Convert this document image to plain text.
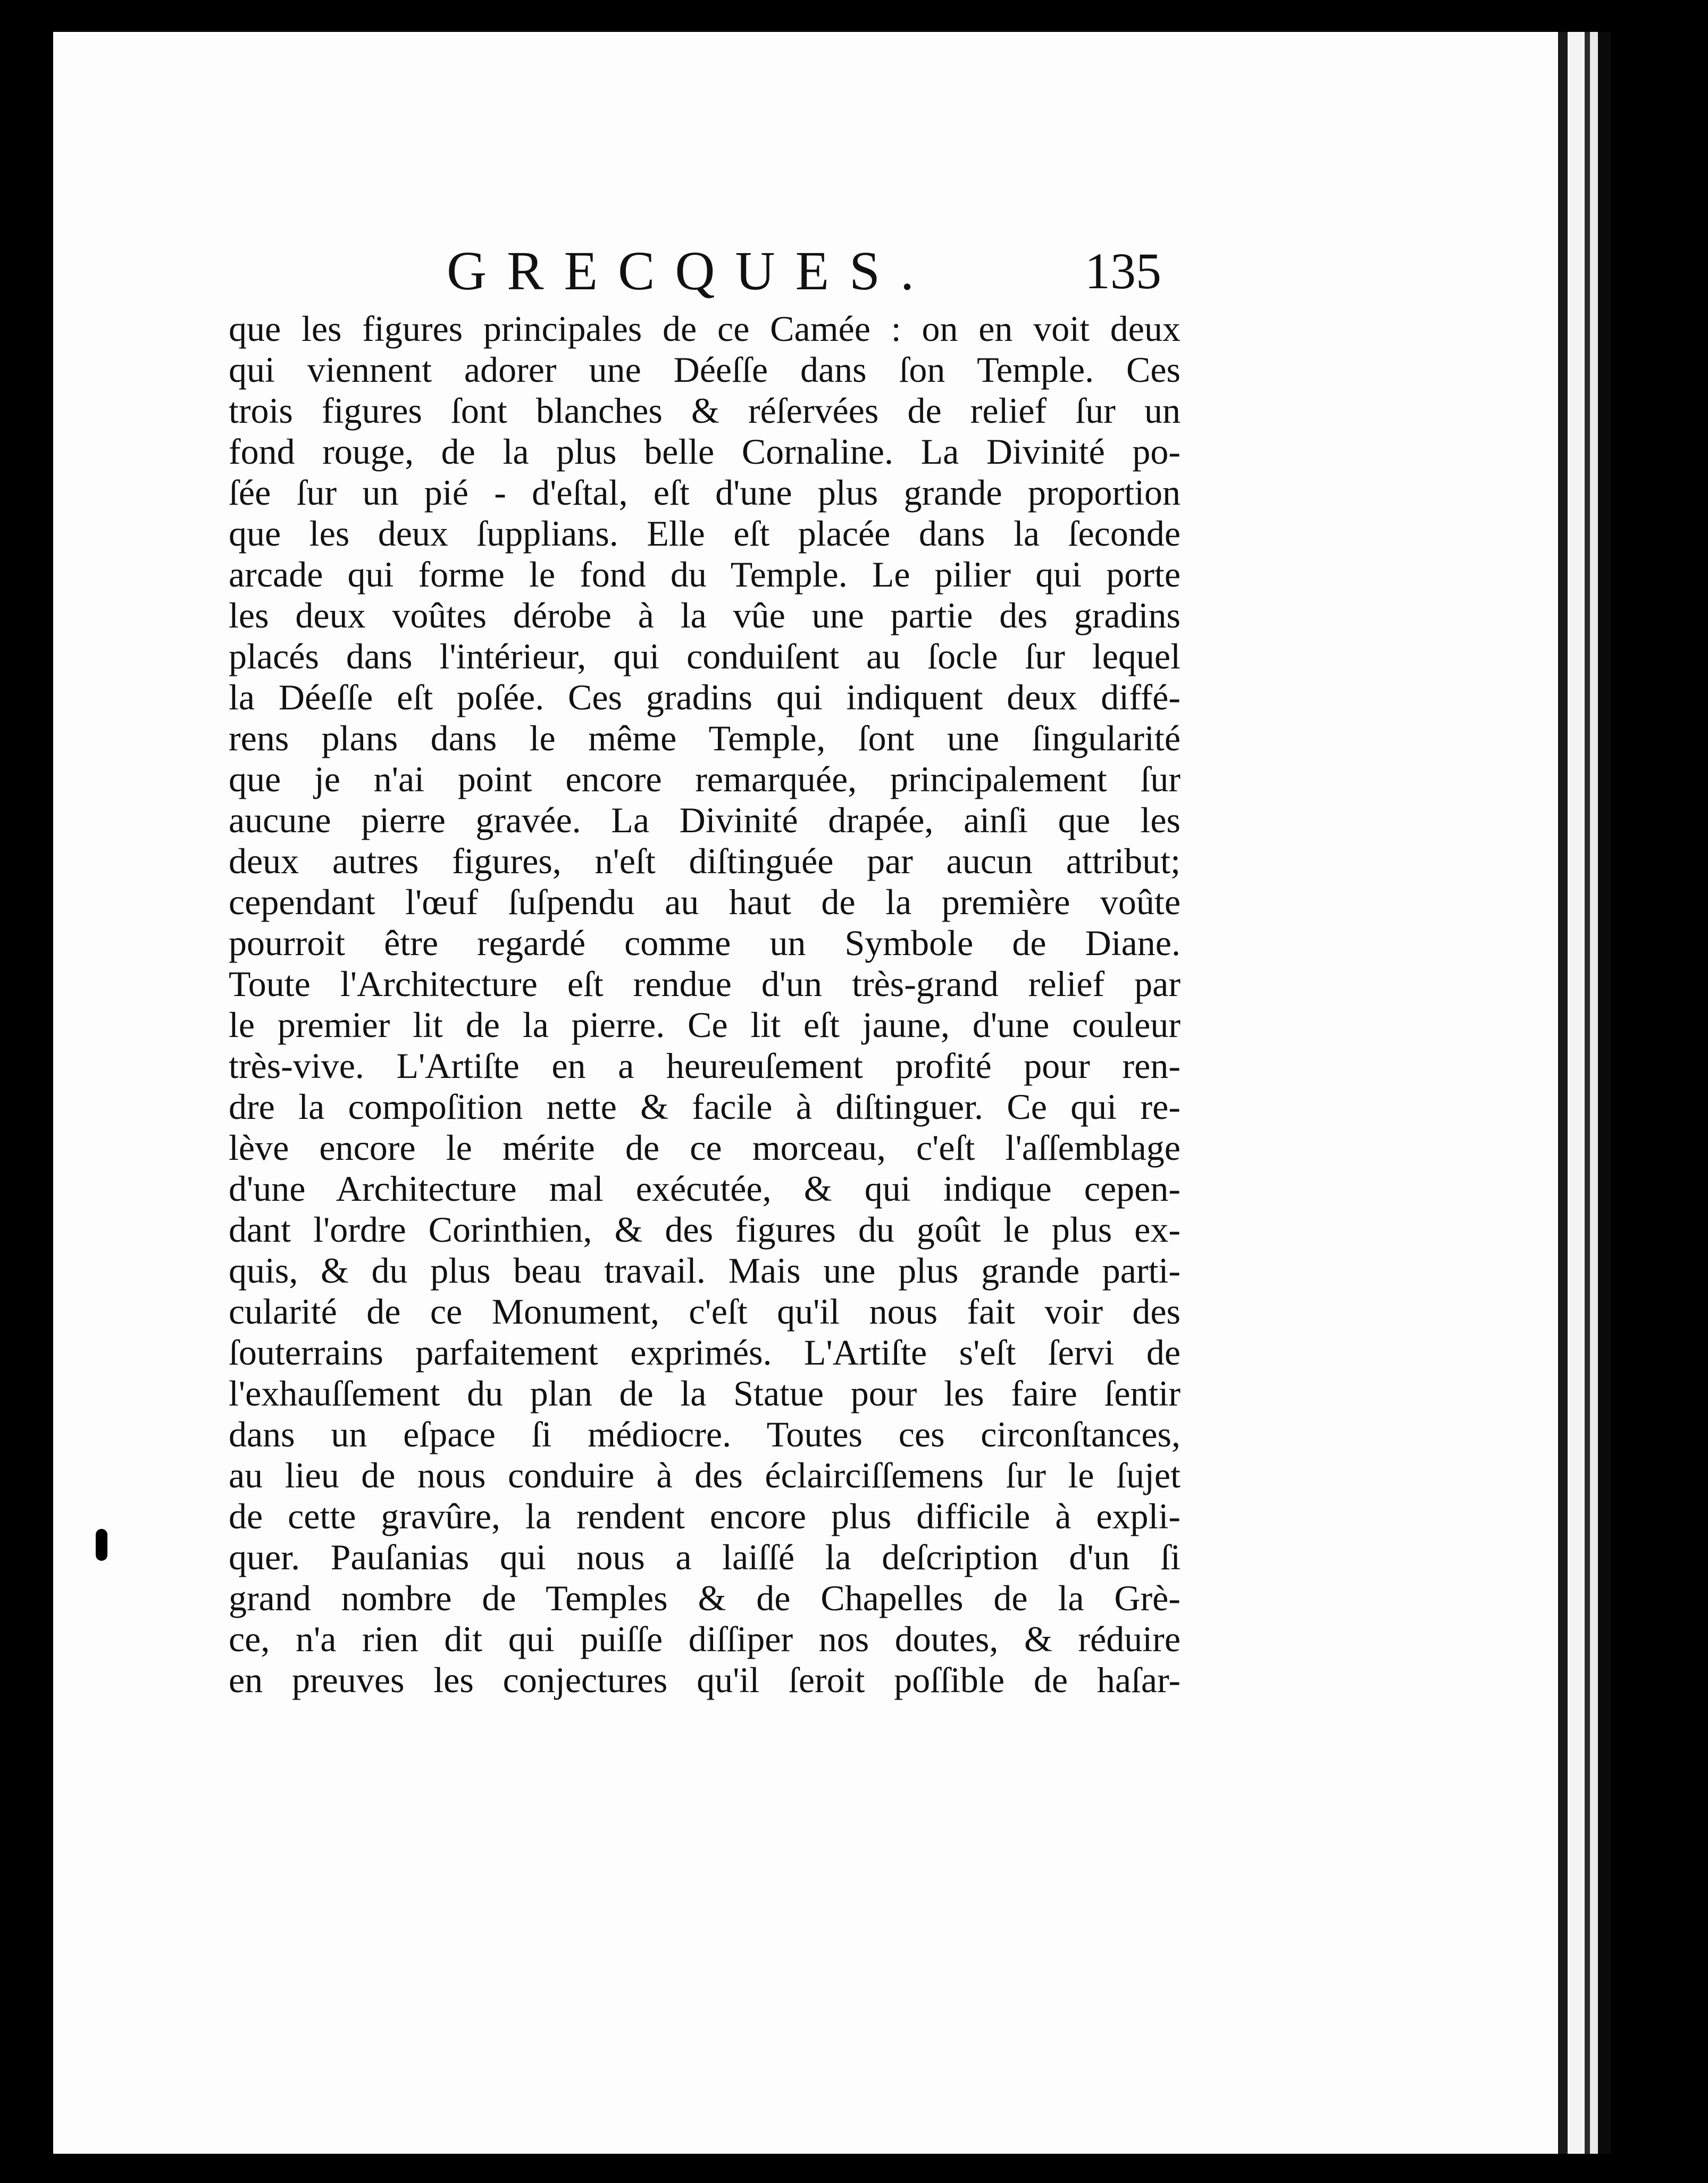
GRECQUES.	135
que les figures principales de ce Camée : on en voit deux
qui viennent adorer une Déeſſe dans ſon Temple. Ces
trois figures ſont blanches & réſervées de relief ſur un
fond rouge, de la plus belle Cornaline. La Divinité po-
ſée ſur un pié - d'eſtal, eſt d'une plus grande proportion
que les deux ſupplians. Elle eſt placée dans la ſeconde
arcade qui forme le fond du Temple. Le pilier qui porte
les deux voûtes dérobe à la vûe une partie des gradins
placés dans l'intérieur, qui conduiſent au ſocle ſur lequel
la Déeſſe eſt poſée. Ces gradins qui indiquent deux diffé-
rens plans dans le même Temple, ſont une ſingularité
que je n'ai point encore remarquée, principalement ſur
aucune pierre gravée. La Divinité drapée, ainſi que les
deux autres figures, n'eſt diſtinguée par aucun attribut;
cependant l'œuf ſuſpendu au haut de la première voûte
pourroit être regardé comme un Symbole de Diane.
Toute l'Architecture eſt rendue d'un très-grand relief par
le premier lit de la pierre. Ce lit eſt jaune, d'une couleur
très-vive. L'Artiſte en a heureuſement profité pour ren-
dre la compoſition nette & facile à diſtinguer. Ce qui re-
lève encore le mérite de ce morceau, c'eſt l'aſſemblage
d'une Architecture mal exécutée, & qui indique cepen-
dant l'ordre Corinthien, & des figures du goût le plus ex-
quis, & du plus beau travail. Mais une plus grande parti-
cularité de ce Monument, c'eſt qu'il nous fait voir des
ſouterrains parfaitement exprimés. L'Artiſte s'eſt ſervi de
l'exhauſſement du plan de la Statue pour les faire ſentir
dans un eſpace ſi médiocre. Toutes ces circonſtances,
au lieu de nous conduire à des éclairciſſemens ſur le ſujet
de cette gravûre, la rendent encore plus difficile à expli-
quer. Pauſanias qui nous a laiſſé la deſcription d'un ſi
grand nombre de Temples & de Chapelles de la Grè-
ce, n'a rien dit qui puiſſe diſſiper nos doutes, & réduire
en preuves les conjectures qu'il ſeroit poſſible de haſar-
